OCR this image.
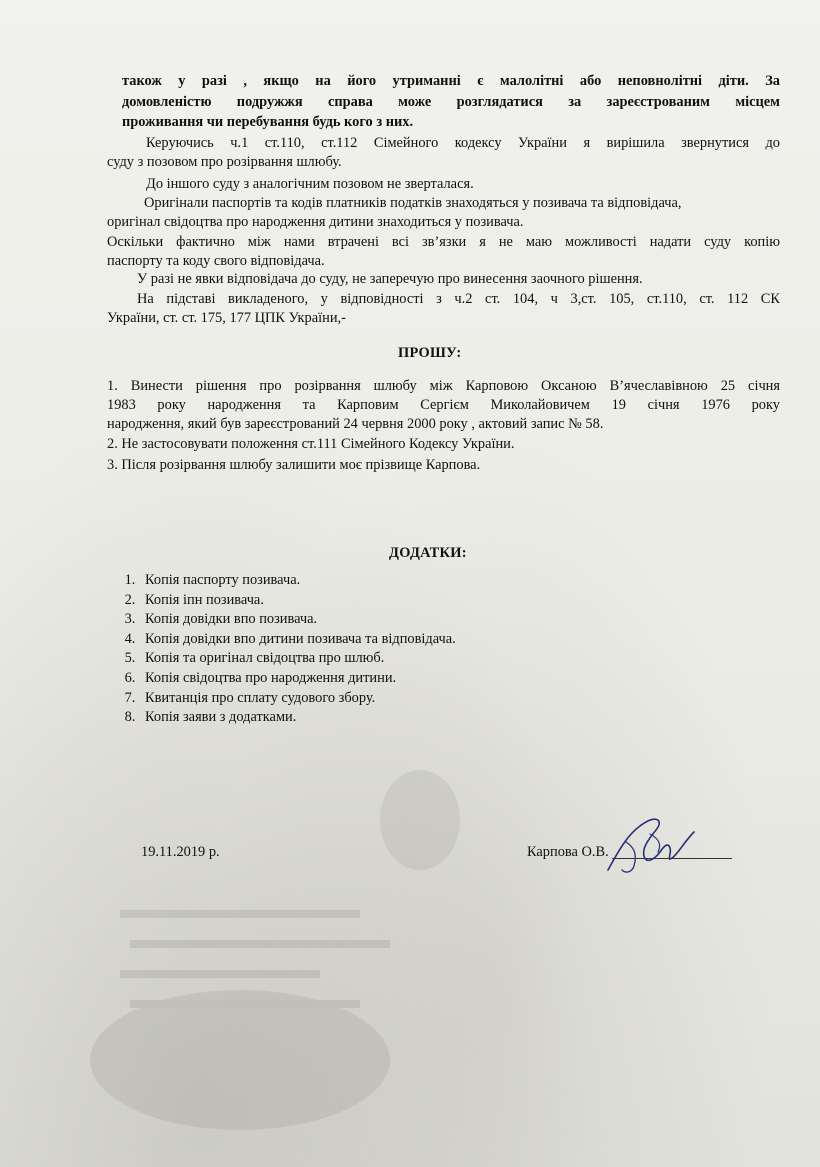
також у разі , якщо на його утриманні є малолітні або неповнолітні діти. За
домовленістю подружжя справа може розглядатися за зареєстрованим місцем
проживання чи перебування будь кого з них.
Керуючись ч.1 ст.110, ст.112 Сімейного кодексу України я вирішила звернутися до
суду з позовом про розірвання шлюбу.
До іншого суду з аналогічним позовом не зверталася.
Оригінали паспортів та кодів платників податків знаходяться у позивача та відповідача,
оригінал свідоцтва про народження дитини знаходиться у позивача.
Оскільки фактично між нами втрачені всі зв’язки я не маю можливості надати суду копію
паспорту та коду свого відповідача.
У разі не явки відповідача до суду, не заперечую про винесення заочного рішення.
На підставі викладеного, у відповідності з ч.2 ст. 104, ч 3,ст. 105, ст.110, ст. 112 СК
України, ст. ст. 175, 177 ЦПК України,-
ПРОШУ:
1. Винести рішення про розірвання шлюбу між Карповою Оксаною В’ячеславівною 25 січня
1983 року народження та Карповим Сергієм Миколайовичем 19 січня 1976 року
народження, який був зареєстрований 24 червня 2000 року , актовий запис № 58.
2. Не застосовувати положення ст.111 Сімейного Кодексу України.
3. Після розірвання шлюбу залишити моє прізвище Карпова.
ДОДАТКИ:
1. Копія паспорту позивача.
2. Копія іпн позивача.
3. Копія довідки впо позивача.
4. Копія довідки впо дитини позивача та відповідача.
5. Копія та оригінал свідоцтва про шлюб.
6. Копія свідоцтва про народження дитини.
7. Квитанція про сплату судового збору.
8. Копія заяви з додатками.
19.11.2019 р.	Карпова О.В.
